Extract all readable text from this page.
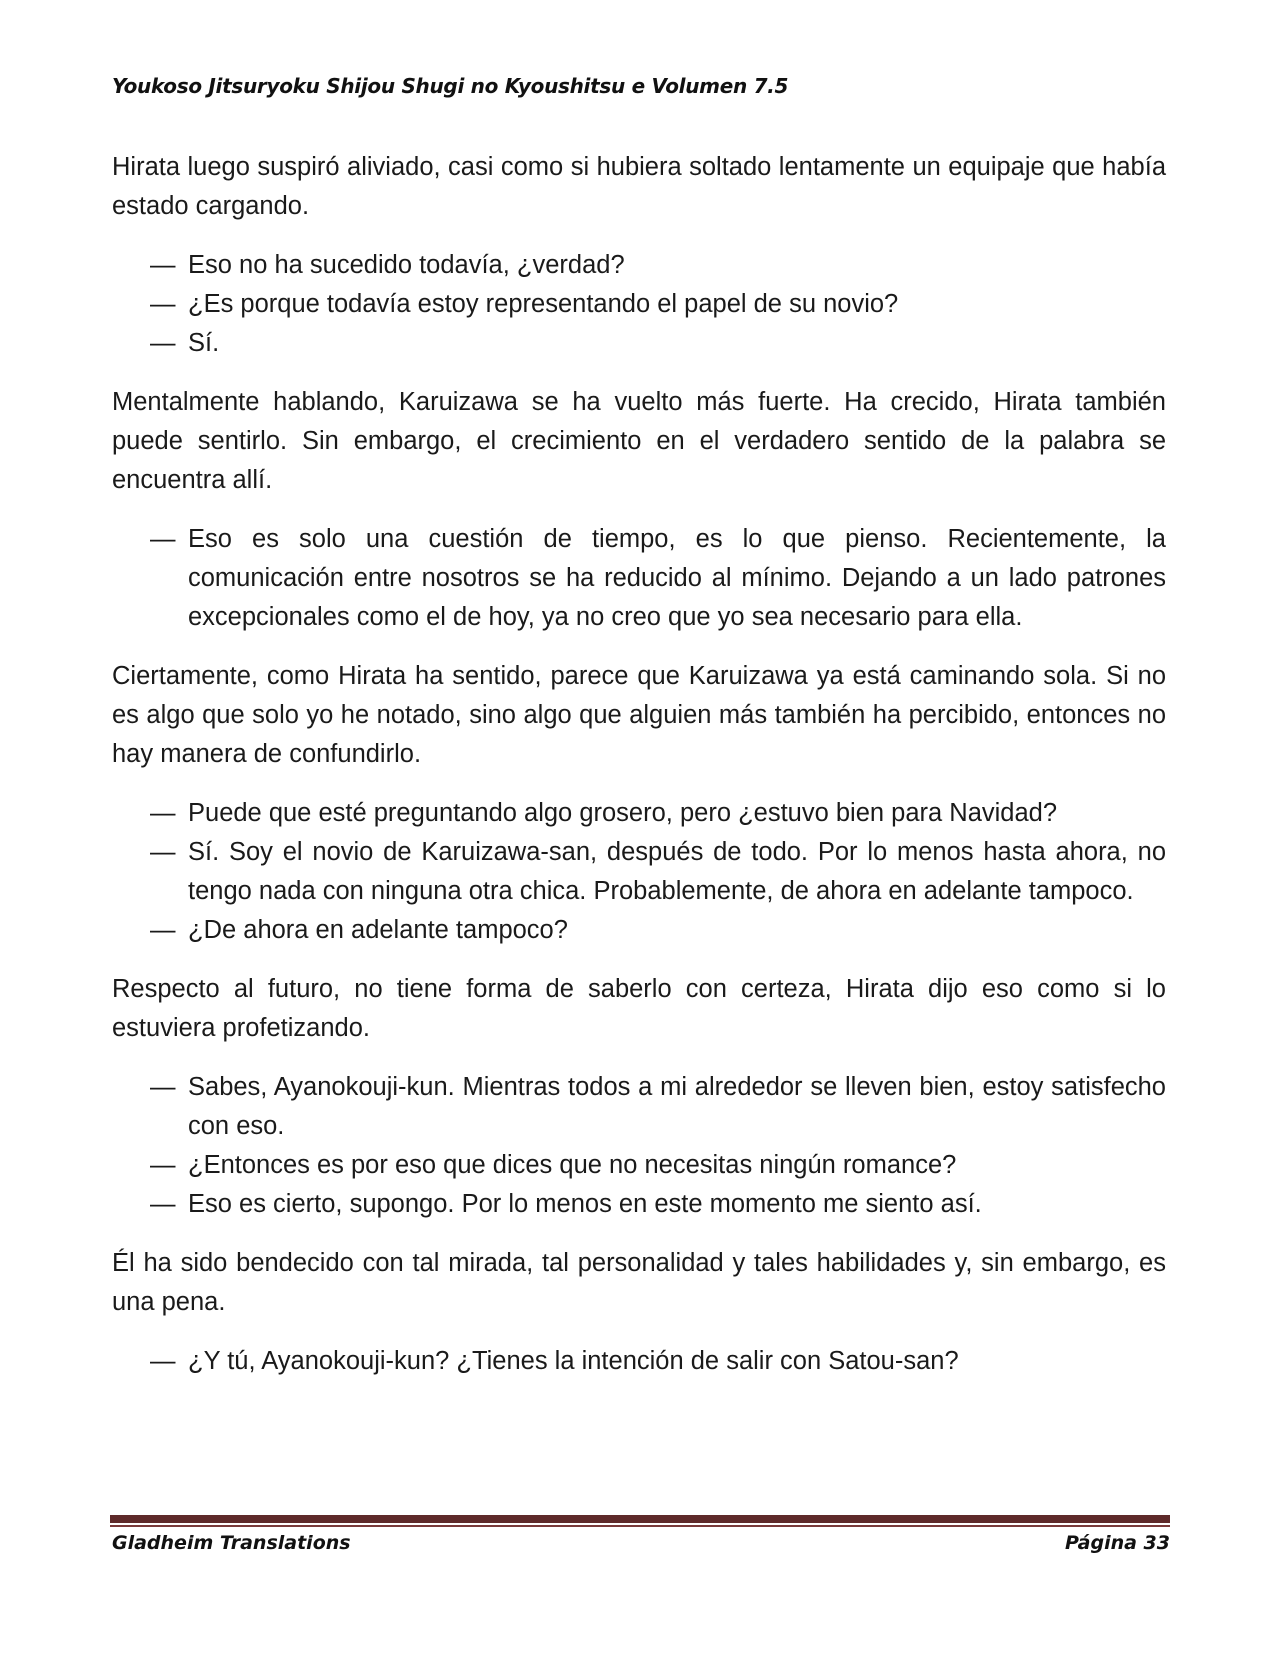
Youkoso Jitsuryoku Shijou Shugi no Kyoushitsu e Volumen 7.5

Hirata luego suspiró aliviado, casi como si hubiera soltado lentamente un equipaje que había estado cargando.

— Eso no ha sucedido todavía, ¿verdad?
— ¿Es porque todavía estoy representando el papel de su novio?
— Sí.

Mentalmente hablando, Karuizawa se ha vuelto más fuerte. Ha crecido, Hirata también puede sentirlo. Sin embargo, el crecimiento en el verdadero sentido de la palabra se encuentra allí.

— Eso es solo una cuestión de tiempo, es lo que pienso. Recientemente, la comunicación entre nosotros se ha reducido al mínimo. Dejando a un lado patrones excepcionales como el de hoy, ya no creo que yo sea necesario para ella.

Ciertamente, como Hirata ha sentido, parece que Karuizawa ya está caminando sola. Si no es algo que solo yo he notado, sino algo que alguien más también ha percibido, entonces no hay manera de confundirlo.

— Puede que esté preguntando algo grosero, pero ¿estuvo bien para Navidad?
— Sí. Soy el novio de Karuizawa-san, después de todo. Por lo menos hasta ahora, no tengo nada con ninguna otra chica. Probablemente, de ahora en adelante tampoco.
— ¿De ahora en adelante tampoco?

Respecto al futuro, no tiene forma de saberlo con certeza, Hirata dijo eso como si lo estuviera profetizando.

— Sabes, Ayanokouji-kun. Mientras todos a mi alrededor se lleven bien, estoy satisfecho con eso.
— ¿Entonces es por eso que dices que no necesitas ningún romance?
— Eso es cierto, supongo. Por lo menos en este momento me siento así.

Él ha sido bendecido con tal mirada, tal personalidad y tales habilidades y, sin embargo, es una pena.

— ¿Y tú, Ayanokouji-kun? ¿Tienes la intención de salir con Satou-san?
Gladheim Translations	Página 33
